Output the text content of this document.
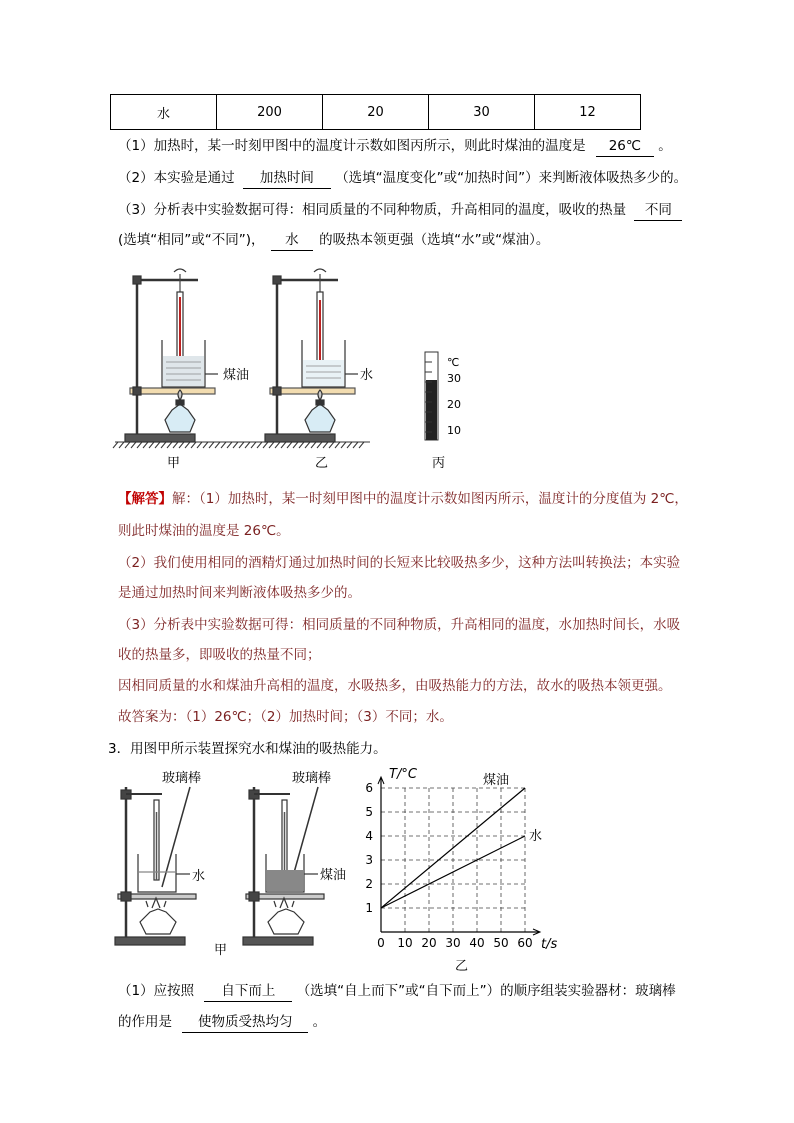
水	200	20	30	12
（1）加热时，某一时刻甲图中的温度计示数如图丙所示，则此时煤油的温度是 26℃ 。
（2）本实验是通过 加热时间 （选填“温度变化”或“加热时间”）来判断液体吸热多少的。
（3）分析表中实验数据可得：相同质量的不同种物质，升高相同的温度，吸收的热量 不同
(选填“相同”或“不同”)， 水 的吸热本领更强（选填“水”或“煤油）。
煤油
甲
水
乙
℃
30
20
10
丙
【解答】解：（1）加热时，某一时刻甲图中的温度计示数如图丙所示，温度计的分度值为 2℃，
则此时煤油的温度是 26℃。
（2）我们使用相同的酒精灯通过加热时间的长短来比较吸热多少，这种方法叫转换法；本实验
是通过加热时间来判断液体吸热多少的。
（3）分析表中实验数据可得：相同质量的不同种物质，升高相同的温度，水加热时间长，水吸
收的热量多，即吸收的热量不同；
因相同质量的水和煤油升高相的温度，水吸热多，由吸热能力的方法，故水的吸热本领更强。
故答案为：（1）26℃；（2）加热时间；（3）不同；水。
3．用图甲所示装置探究水和煤油的吸热能力。
玻璃棒
水
甲
玻璃棒
煤油
0 10 20 30 40 50 60
1
2
3
4
5
6	煤油
水
T/°C
t/s
乙
（1）应按照 自下而上 （选填“自上而下”或“自下而上”）的顺序组装实验器材：玻璃棒
的作用是 使物质受热均匀 。
